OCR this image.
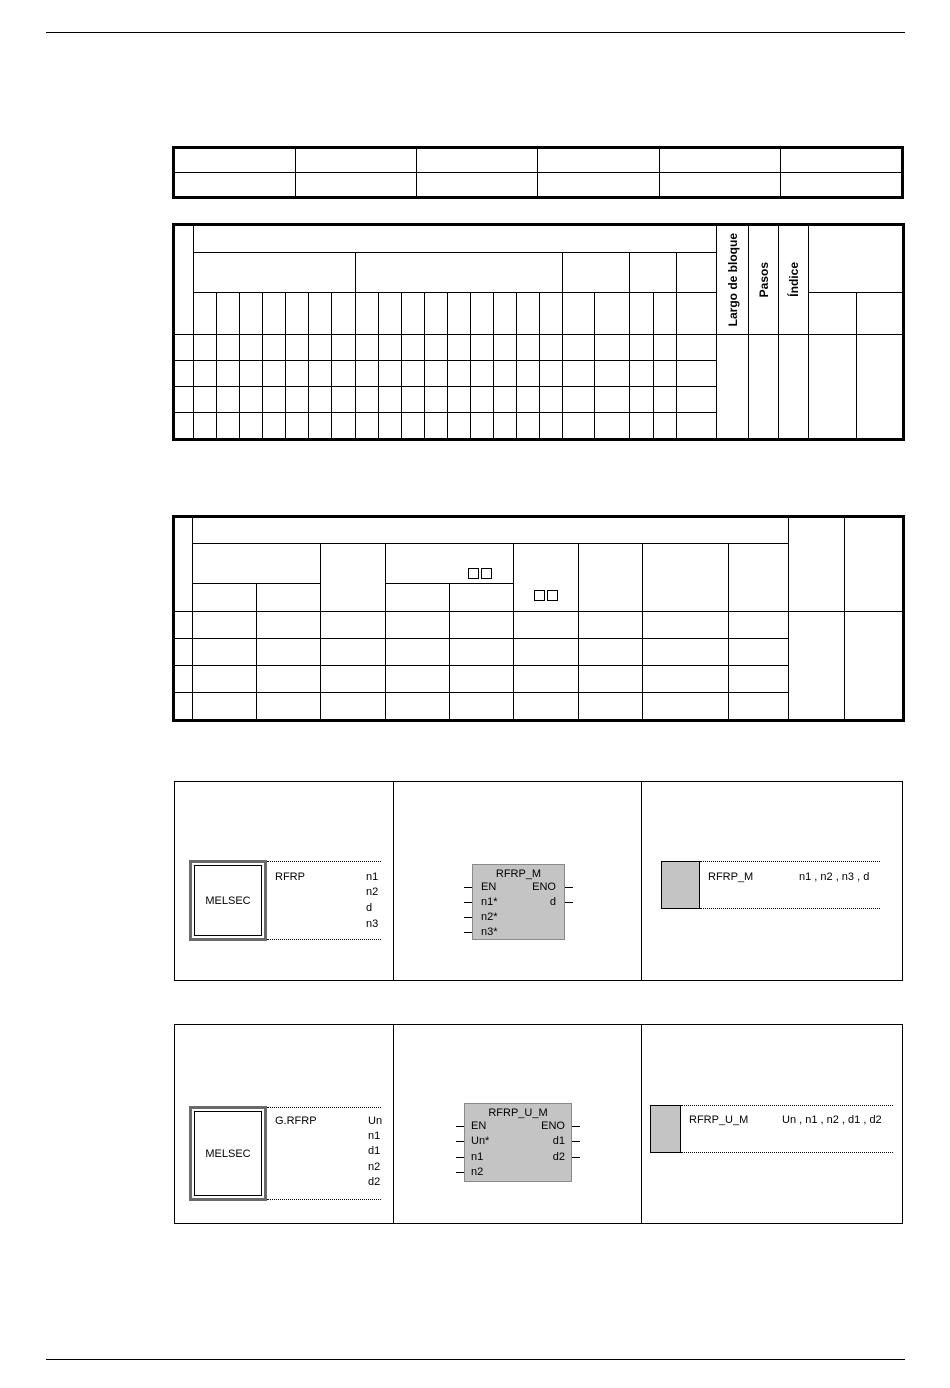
																						Largo de bloque	Pasos	Índice		

MELSEC
RFRP	n1
n2
d
n3
RFRP_M
EN	ENO
n1*
n2*
n3*
d
RFRP_M	n1 , n2 , n3 , d
MELSEC
G.RFRP	Un
n1
d1
n2
d2
RFRP_U_M
EN	ENO
Un*
n1
n2
d1
d2
RFRP_U_M	Un , n1 , n2 , d1 , d2
